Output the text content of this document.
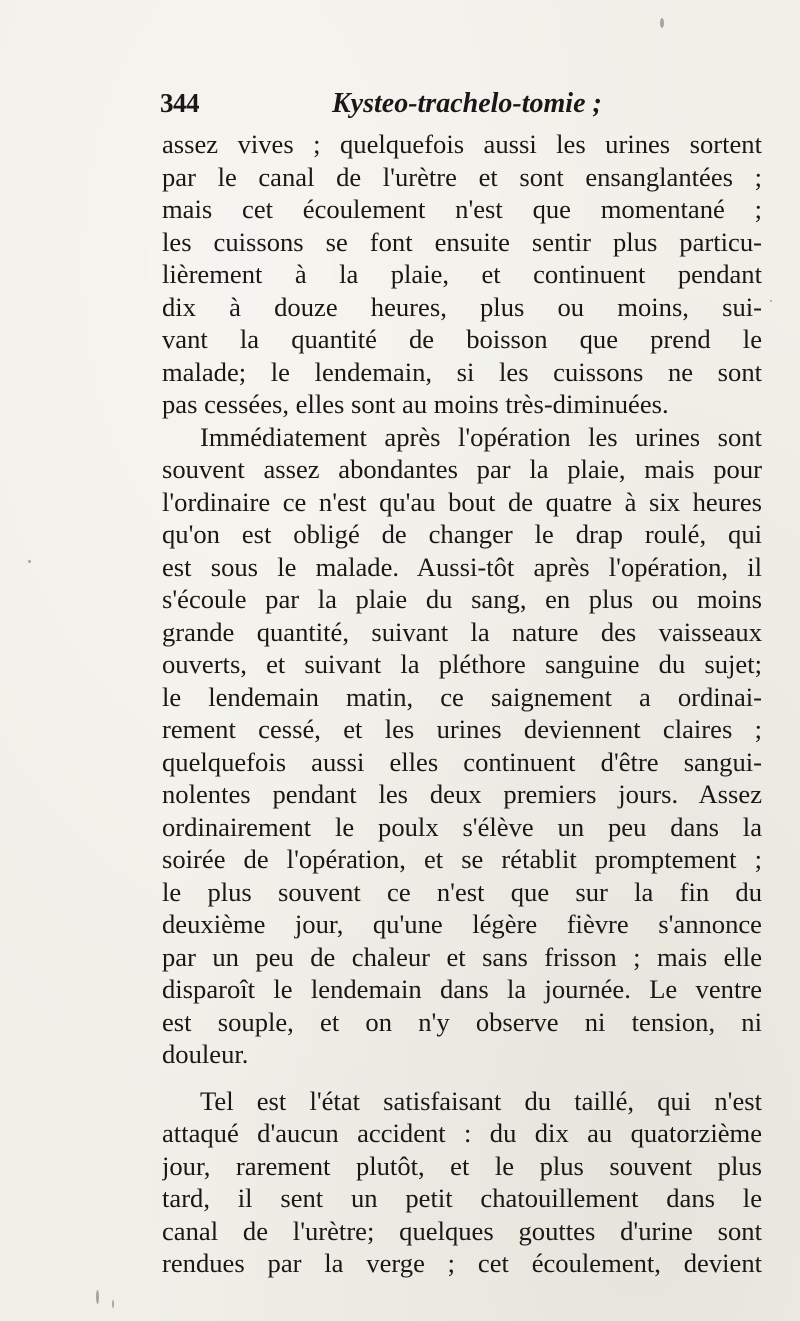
344	Kysteo-trachelo-tomie ;
assez vives ; quelquefois aussi les urines sortent
par le canal de l'urètre et sont ensanglantées ;
mais cet écoulement n'est que momentané ;
les cuissons se font ensuite sentir plus particu-
lièrement à la plaie, et continuent pendant
dix à douze heures, plus ou moins, sui-
vant la quantité de boisson que prend le
malade; le lendemain, si les cuissons ne sont
pas cessées, elles sont au moins très-diminuées.
Immédiatement après l'opération les urines sont
souvent assez abondantes par la plaie, mais pour
l'ordinaire ce n'est qu'au bout de quatre à six heures
qu'on est obligé de changer le drap roulé, qui
est sous le malade. Aussi-tôt après l'opération, il
s'écoule par la plaie du sang, en plus ou moins
grande quantité, suivant la nature des vaisseaux
ouverts, et suivant la pléthore sanguine du sujet;
le lendemain matin, ce saignement a ordinai-
rement cessé, et les urines deviennent claires ;
quelquefois aussi elles continuent d'être sangui-
nolentes pendant les deux premiers jours. Assez
ordinairement le poulx s'élève un peu dans la
soirée de l'opération, et se rétablit promptement ;
le plus souvent ce n'est que sur la fin du
deuxième jour, qu'une légère fièvre s'annonce
par un peu de chaleur et sans frisson ; mais elle
disparoît le lendemain dans la journée. Le ventre
est souple, et on n'y observe ni tension, ni
douleur.
Tel est l'état satisfaisant du taillé, qui n'est
attaqué d'aucun accident : du dix au quatorzième
jour, rarement plutôt, et le plus souvent plus
tard, il sent un petit chatouillement dans le
canal de l'urètre; quelques gouttes d'urine sont
rendues par la verge ; cet écoulement, devient
